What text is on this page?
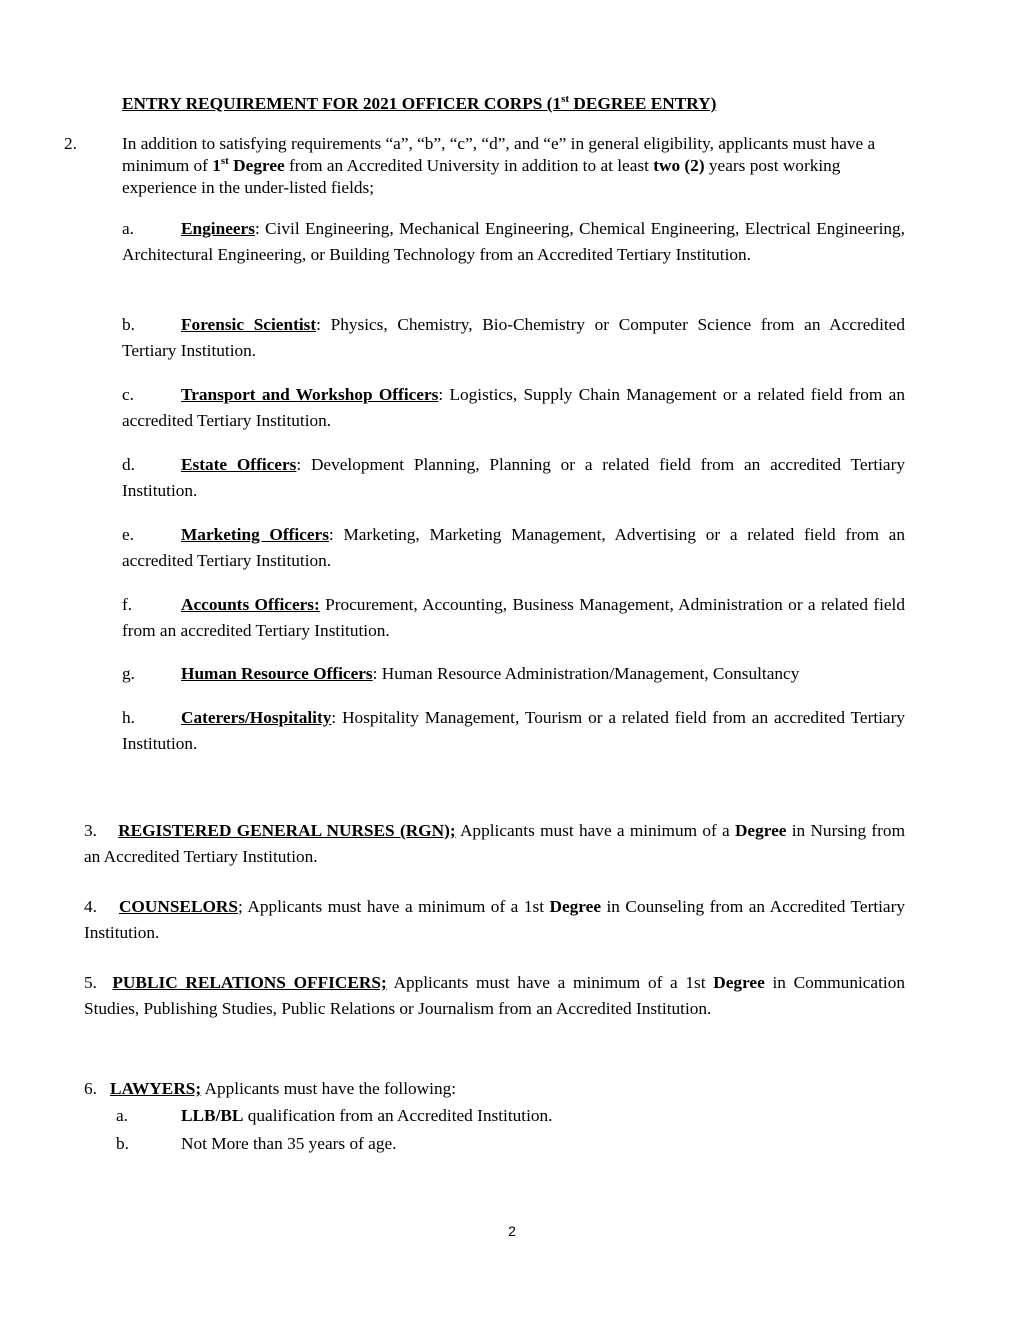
ENTRY REQUIREMENT FOR 2021 OFFICER CORPS (1st DEGREE ENTRY)
2.	In addition to satisfying requirements “a”, “b”, “c”, “d”, and “e” in general eligibility, applicants must have a minimum of 1st Degree from an Accredited University in addition to at least two (2) years post working experience in the under-listed fields;
a.	Engineers: Civil Engineering, Mechanical Engineering, Chemical Engineering, Electrical Engineering, Architectural Engineering, or Building Technology from an Accredited Tertiary Institution.
b.	Forensic Scientist: Physics, Chemistry, Bio-Chemistry or Computer Science from an Accredited Tertiary Institution.
c.	Transport and Workshop Officers: Logistics, Supply Chain Management or a related field from an accredited Tertiary Institution.
d.	Estate Officers: Development Planning, Planning or a related field from an accredited Tertiary Institution.
e.	Marketing Officers: Marketing, Marketing Management, Advertising or a related field from an accredited Tertiary Institution.
f.	Accounts Officers: Procurement, Accounting, Business Management, Administration or a related field from an accredited Tertiary Institution.
g.	Human Resource Officers: Human Resource Administration/Management, Consultancy
h.	Caterers/Hospitality: Hospitality Management, Tourism or a related field from an accredited Tertiary Institution.
3. REGISTERED GENERAL NURSES (RGN); Applicants must have a minimum of a Degree in Nursing from an Accredited Tertiary Institution.
4. COUNSELORS; Applicants must have a minimum of a 1st Degree in Counseling from an Accredited Tertiary Institution.
5. PUBLIC RELATIONS OFFICERS; Applicants must have a minimum of a 1st Degree in Communication Studies, Publishing Studies, Public Relations or Journalism from an Accredited Institution.
6. LAWYERS; Applicants must have the following:
a.	LLB/BL qualification from an Accredited Institution.
b.	Not More than 35 years of age.
2
